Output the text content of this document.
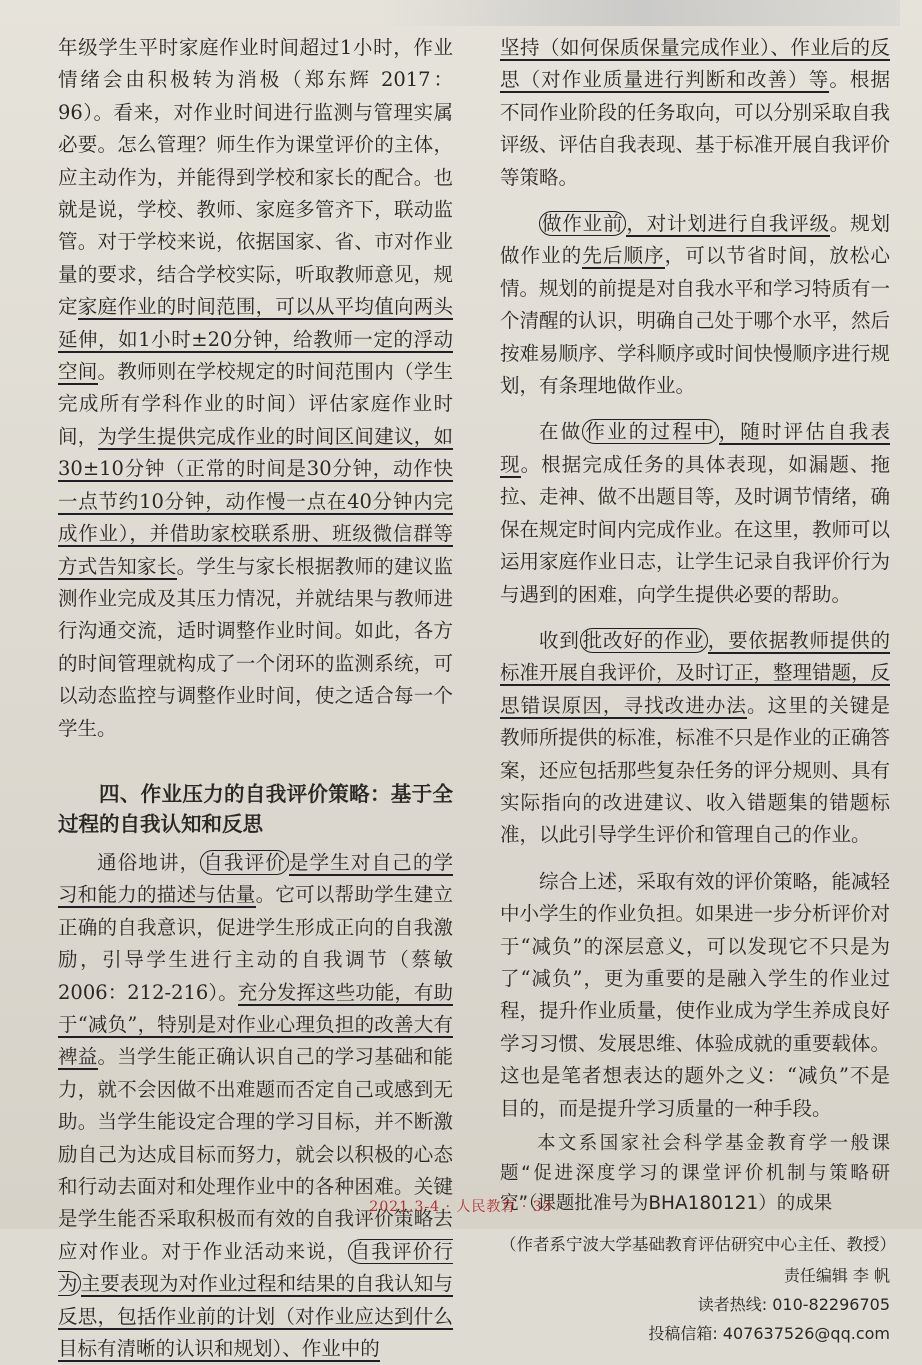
年级学生平时家庭作业时间超过1小时，作业情绪会由积极转为消极（郑东辉 2017：96）。看来，对作业时间进行监测与管理实属必要。怎么管理？师生作为课堂评价的主体，应主动作为，并能得到学校和家长的配合。也就是说，学校、教师、家庭多管齐下，联动监管。对于学校来说，依据国家、省、市对作业量的要求，结合学校实际，听取教师意见，规定家庭作业的时间范围，可以从平均值向两头延伸，如1小时±20分钟，给教师一定的浮动空间。教师则在学校规定的时间范围内（学生完成所有学科作业的时间）评估家庭作业时间，为学生提供完成作业的时间区间建议，如30±10分钟（正常的时间是30分钟，动作快一点节约10分钟，动作慢一点在40分钟内完成作业），并借助家校联系册、班级微信群等方式告知家长。学生与家长根据教师的建议监测作业完成及其压力情况，并就结果与教师进行沟通交流，适时调整作业时间。如此，各方的时间管理就构成了一个闭环的监测系统，可以动态监控与调整作业时间，使之适合每一个学生。

四、作业压力的自我评价策略：基于全过程的自我认知和反思

通俗地讲， 自我评价 是学生对自己的学习和能力的描述与估量。它可以帮助学生建立正确的自我意识，促进学生形成正向的自我激励，引导学生进行主动的自我调节（蔡敏 2006：212-216）。充分发挥这些功能，有助于“减负”，特别是对作业心理负担的改善大有裨益。当学生能正确认识自己的学习基础和能力，就不会因做不出难题而否定自己或感到无助。当学生能设定合理的学习目标，并不断激励自己为达成目标而努力，就会以积极的心态和行动去面对和处理作业中的各种困难。关键是学生能否采取积极而有效的自我评价策略去应对作业。对于作业活动来说， 自我评价行为 主要表现为对作业过程和结果的自我认知与反思，包括作业前的计划（对作业应达到什么目标有清晰的认识和规划）、作业中的

坚持（如何保质保量完成作业）、作业后的反思（对作业质量进行判断和改善）等。根据不同作业阶段的任务取向，可以分别采取自我评级、评估自我表现、基于标准开展自我评价等策略。

做作业前 ，对计划进行自我评级。规划做作业的先后顺序，可以节省时间，放松心情。规划的前提是对自我水平和学习特质有一个清醒的认识，明确自己处于哪个水平，然后按难易顺序、学科顺序或时间快慢顺序进行规划，有条理地做作业。

在做 作业的过程中 ，随时评估自我表现。根据完成任务的具体表现，如漏题、拖拉、走神、做不出题目等，及时调节情绪，确保在规定时间内完成作业。在这里，教师可以运用家庭作业日志，让学生记录自我评价行为与遇到的困难，向学生提供必要的帮助。

收到 批改好的作业 ，要依据教师提供的标准开展自我评价，及时订正，整理错题，反思错误原因，寻找改进办法。这里的关键是教师所提供的标准，标准不只是作业的正确答案，还应包括那些复杂任务的评分规则、具有实际指向的改进建议、收入错题集的错题标准，以此引导学生评价和管理自己的作业。

综合上述，采取有效的评价策略，能减轻中小学生的作业负担。如果进一步分析评价对于“减负”的深层意义，可以发现它不只是为了“减负”，更为重要的是融入学生的作业过程，提升作业质量，使作业成为学生养成良好学习习惯、发展思维、体验成就的重要载体。这也是笔者想表达的题外之义：“减负”不是目的，而是提升学习质量的一种手段。

本文系国家社会科学基金教育学一般课题“促进深度学习的课堂评价机制与策略研究”（课题批准号为BHA180121）的成果

（作者系宁波大学基础教育评估研究中心主任、教授）

责任编辑 李 帆
读者热线: 010-82296705
投稿信箱: 407637526@qq.com
2021.3-4 · 人民教育 · 33
